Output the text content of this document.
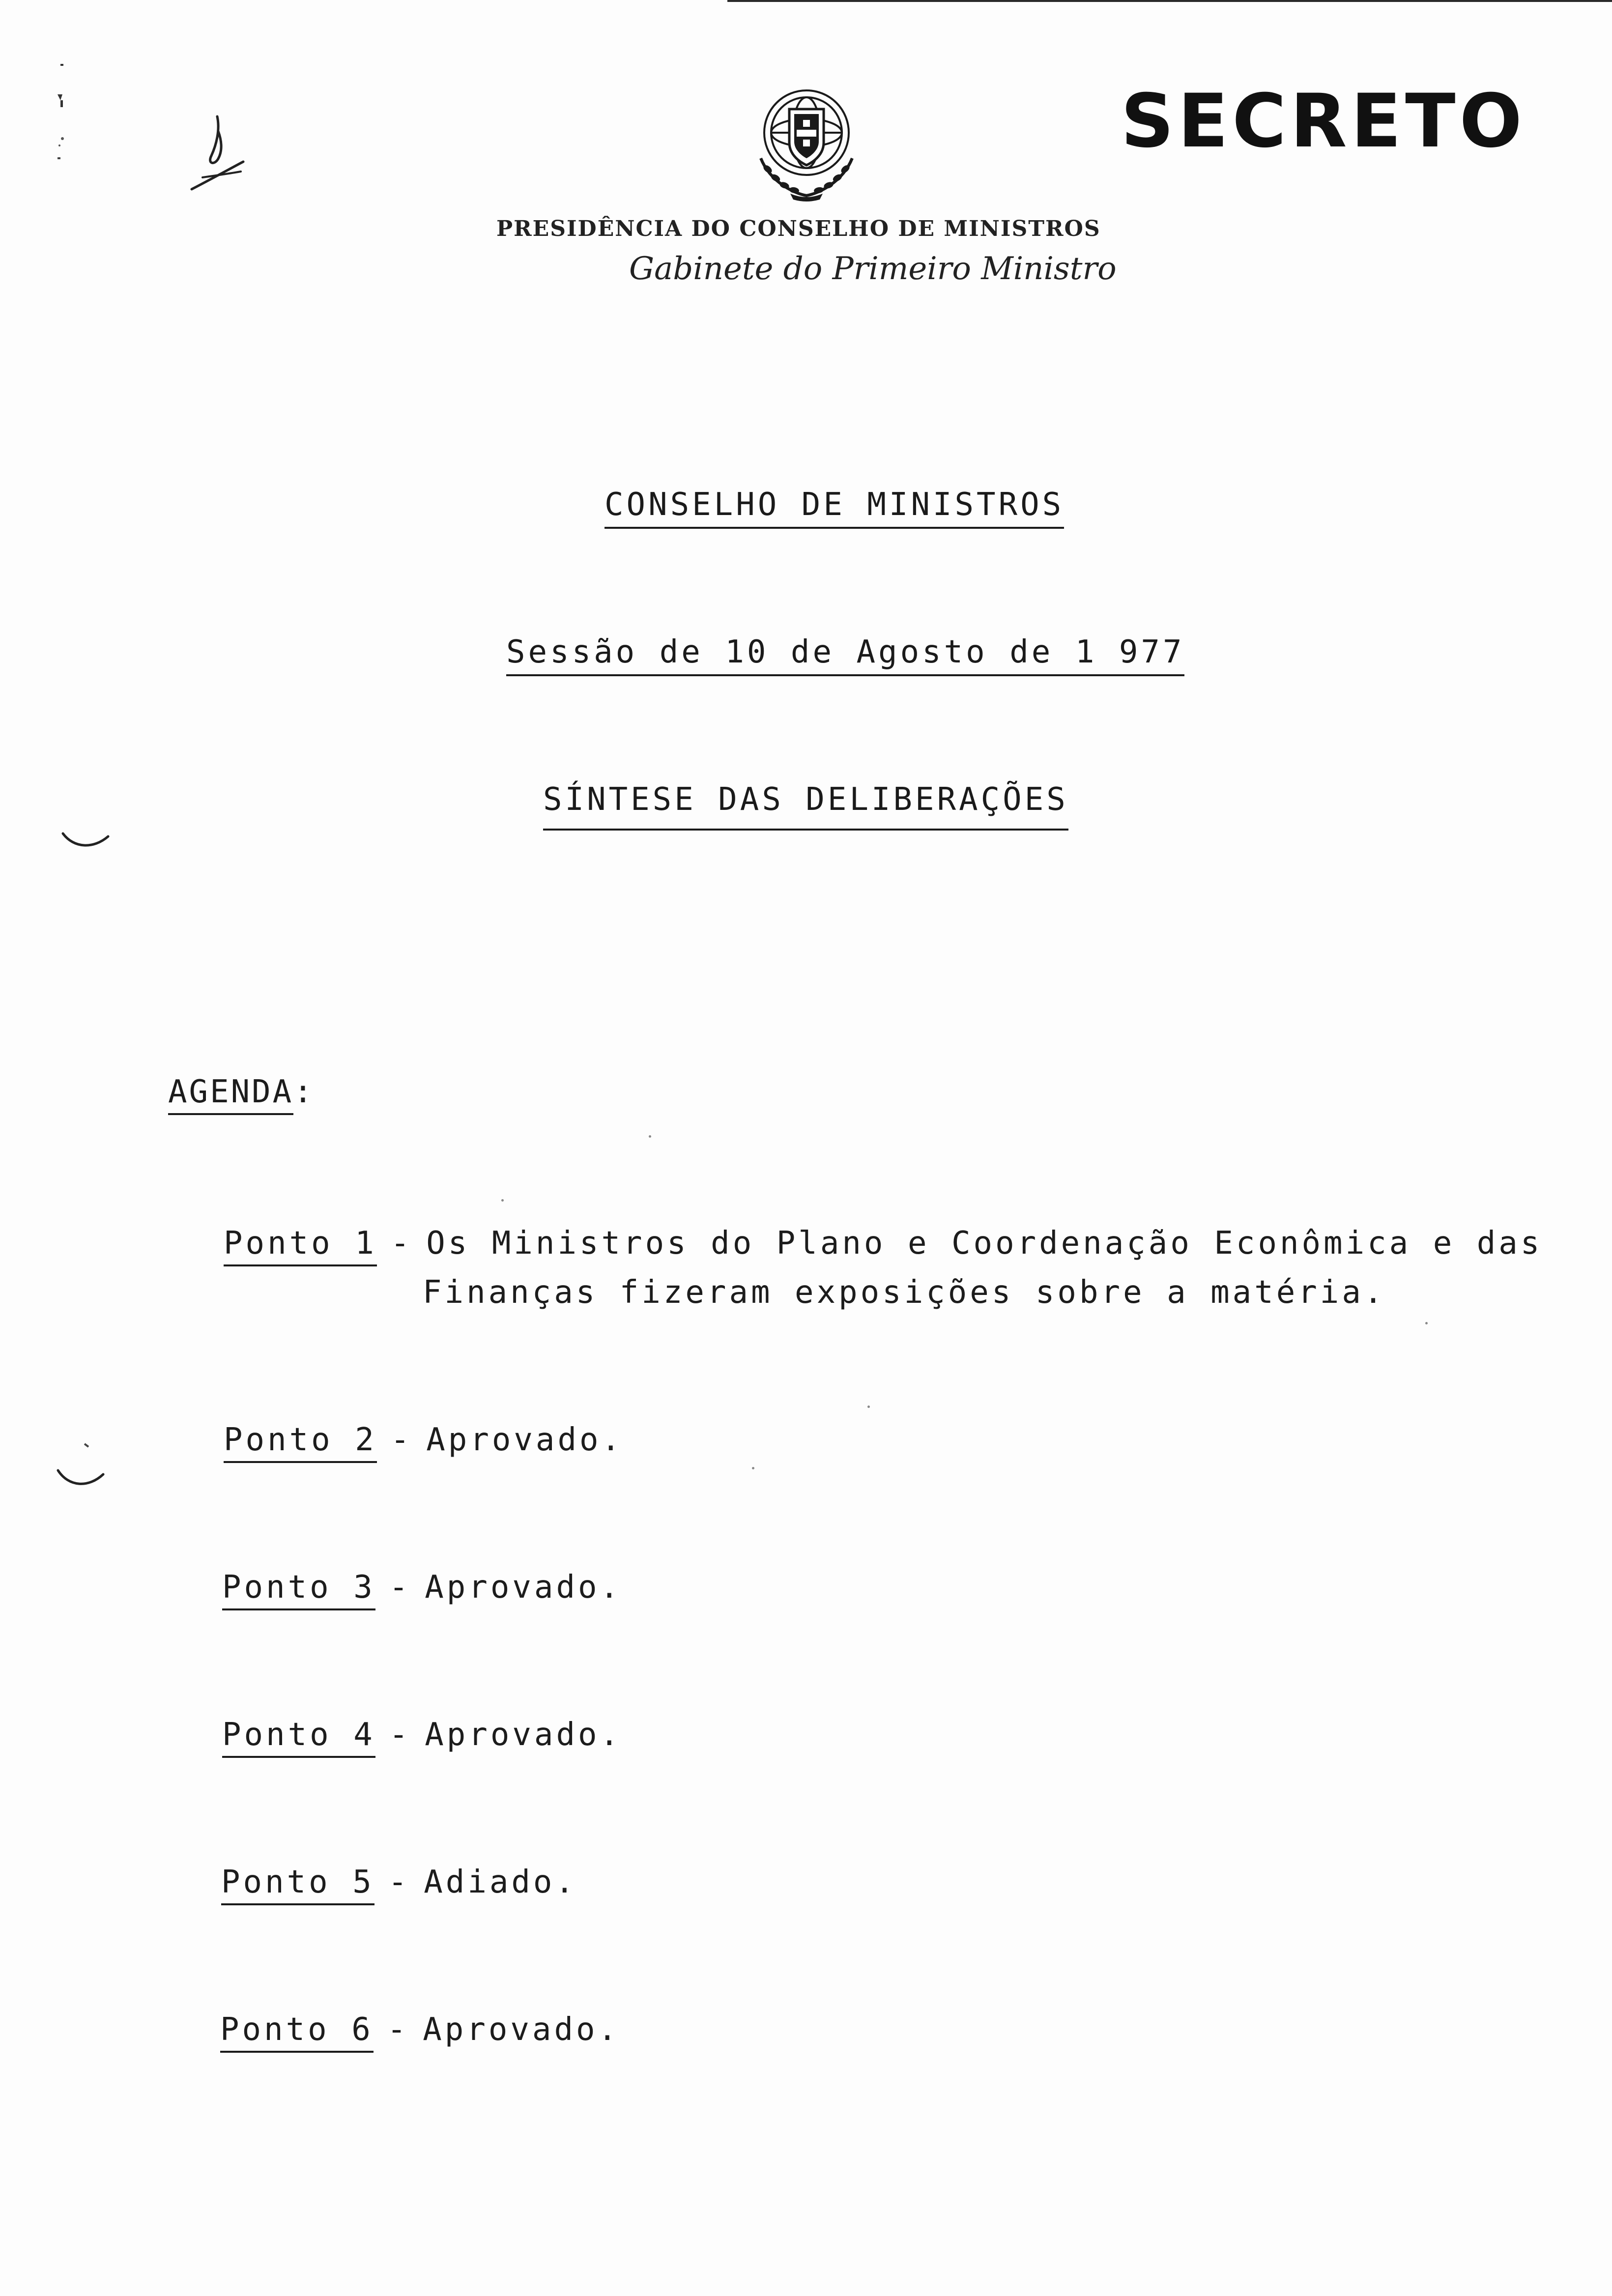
SECRETO
PRESIDÊNCIA DO CONSELHO DE MINISTROS
Gabinete do Primeiro Ministro
CONSELHO DE MINISTROS
Sessão de 10 de Agosto de 1 977
SÍNTESE DAS DELIBERAÇÕES
AGENDA:
Ponto 1 - Os Ministros do Plano e Coordenação Econômica e das
Finanças fizeram exposições sobre a matéria.
Ponto 2 - Aprovado.
Ponto 3 - Aprovado.
Ponto 4 - Aprovado.
Ponto 5 - Adiado.
Ponto 6 - Aprovado.
